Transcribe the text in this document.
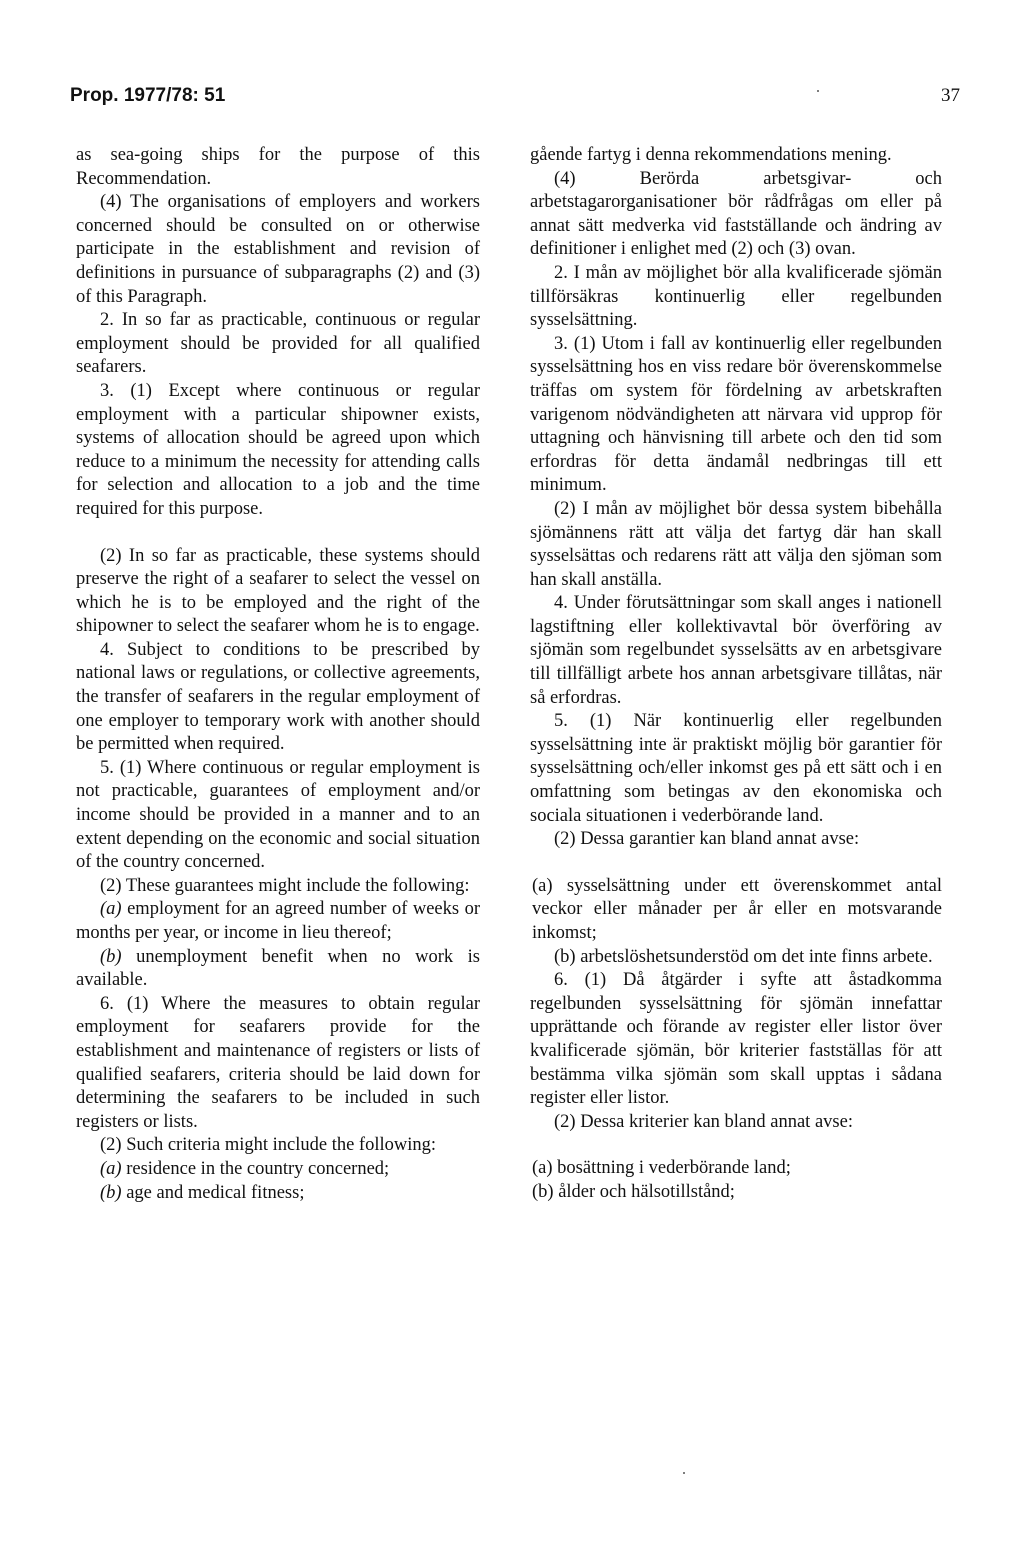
Prop. 1977/78: 51	37

as sea-going ships for the purpose of this Recommendation.

(4) The organisations of employers and workers concerned should be consulted on or otherwise participate in the establishment and revision of definitions in pursuance of subparagraphs (2) and (3) of this Paragraph.

2. In so far as practicable, continuous or regular employment should be provided for all qualified seafarers.

3. (1) Except where continuous or regular employment with a particular shipowner exists, systems of allocation should be agreed upon which reduce to a minimum the necessity for attending calls for selection and allocation to a job and the time required for this purpose.

(2) In so far as practicable, these systems should preserve the right of a seafarer to select the vessel on which he is to be employed and the right of the shipowner to select the seafarer whom he is to engage.

4. Subject to conditions to be prescribed by national laws or regulations, or collective agreements, the transfer of seafarers in the regular employment of one employer to temporary work with another should be permitted when required.

5. (1) Where continuous or regular employment is not practicable, guarantees of employment and/or income should be provided in a manner and to an extent depending on the economic and social situation of the country concerned.

(2) These guarantees might include the following:

(a) employment for an agreed number of weeks or months per year, or income in lieu thereof;

(b) unemployment benefit when no work is available.

6. (1) Where the measures to obtain regular employment for seafarers provide for the establishment and maintenance of registers or lists of qualified seafarers, criteria should be laid down for determining the seafarers to be included in such registers or lists.

(2) Such criteria might include the following:

(a) residence in the country concerned;

(b) age and medical fitness;

gående fartyg i denna rekommendations mening.

(4) Berörda arbetsgivar- och arbetstagarorganisationer bör rådfrågas om eller på annat sätt medverka vid fastställande och ändring av definitioner i enlighet med (2) och (3) ovan.

2. I mån av möjlighet bör alla kvalificerade sjömän tillförsäkras kontinuerlig eller regelbunden sysselsättning.

3. (1) Utom i fall av kontinuerlig eller regelbunden sysselsättning hos en viss redare bör överenskommelse träffas om system för fördelning av arbetskraften varigenom nödvändigheten att närvara vid upprop för uttagning och hänvisning till arbete och den tid som erfordras för detta ändamål nedbringas till ett minimum.

(2) I mån av möjlighet bör dessa system bibehålla sjömännens rätt att välja det fartyg där han skall sysselsättas och redarens rätt att välja den sjöman som han skall anställa.

4. Under förutsättningar som skall anges i nationell lagstiftning eller kollektivavtal bör överföring av sjömän som regelbundet sysselsätts av en arbetsgivare till tillfälligt arbete hos annan arbetsgivare tillåtas, när så erfordras.

5. (1) När kontinuerlig eller regelbunden sysselsättning inte är praktiskt möjlig bör garantier för sysselsättning och/eller inkomst ges på ett sätt och i en omfattning som betingas av den ekonomiska och sociala situationen i vederbörande land.

(2) Dessa garantier kan bland annat avse:

(a) sysselsättning under ett överenskommet antal veckor eller månader per år eller en motsvarande inkomst;

(b) arbetslöshetsunderstöd om det inte finns arbete.

6. (1) Då åtgärder i syfte att åstadkomma regelbunden sysselsättning för sjömän innefattar upprättande och förande av register eller listor över kvalificerade sjömän, bör kriterier fastställas för att bestämma vilka sjömän som skall upptas i sådana register eller listor.

(2) Dessa kriterier kan bland annat avse:

(a) bosättning i vederbörande land;

(b) ålder och hälsotillstånd;
